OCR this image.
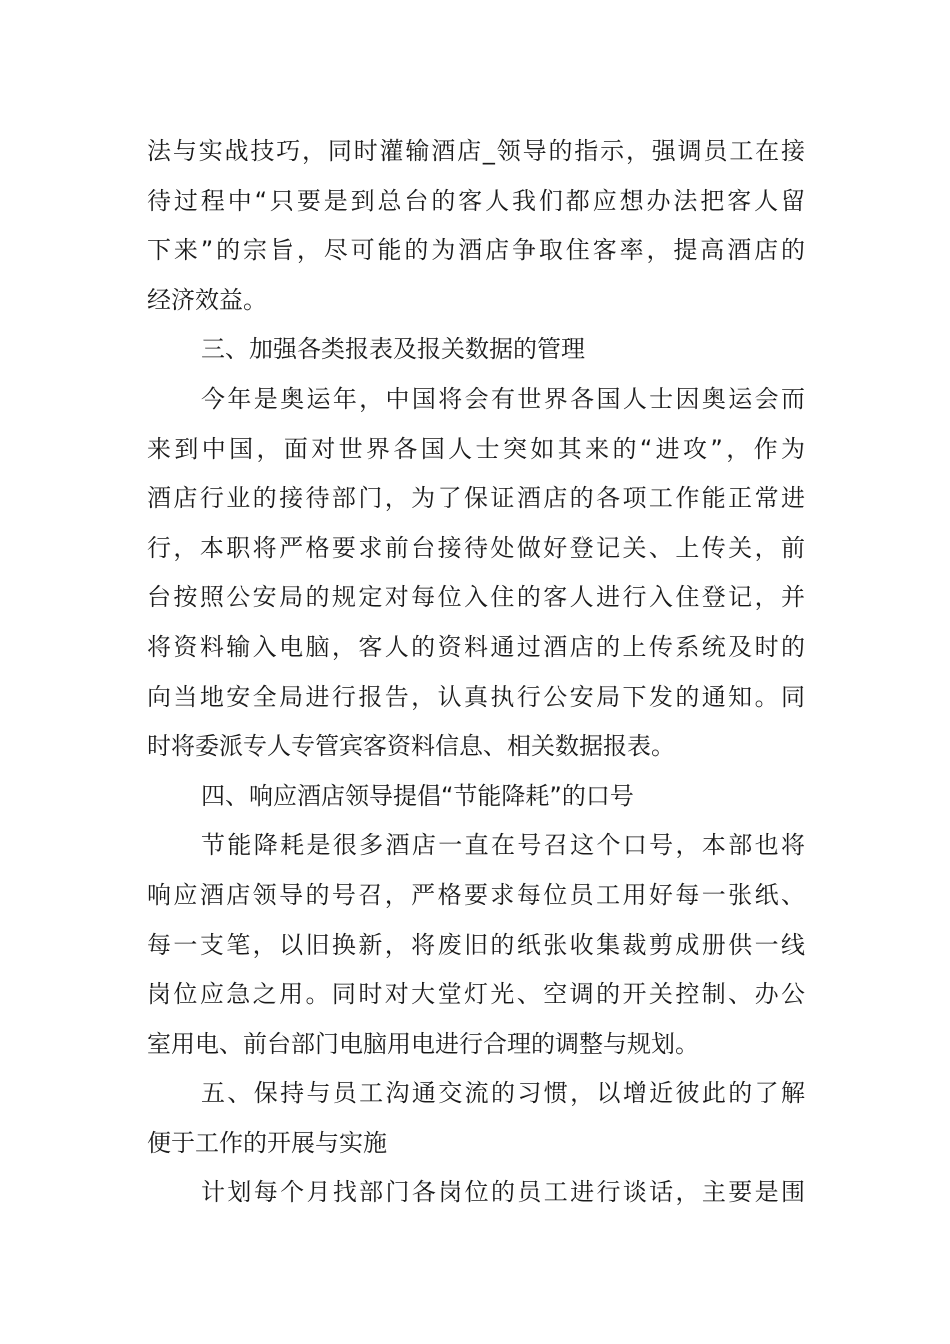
法与实战技巧，同时灌输酒店_领导的指示，强调员工在接
待过程中“只要是到总台的客人我们都应想办法把客人留
下来”的宗旨，尽可能的为酒店争取住客率，提高酒店的
经济效益。
三、加强各类报表及报关数据的管理
今年是奥运年，中国将会有世界各国人士因奥运会而
来到中国，面对世界各国人士突如其来的“进攻”，作为
酒店行业的接待部门，为了保证酒店的各项工作能正常进
行，本职将严格要求前台接待处做好登记关、上传关，前
台按照公安局的规定对每位入住的客人进行入住登记，并
将资料输入电脑，客人的资料通过酒店的上传系统及时的
向当地安全局进行报告，认真执行公安局下发的通知。同
时将委派专人专管宾客资料信息、相关数据报表。
四、响应酒店领导提倡“节能降耗”的口号
节能降耗是很多酒店一直在号召这个口号，本部也将
响应酒店领导的号召，严格要求每位员工用好每一张纸、
每一支笔，以旧换新，将废旧的纸张收集裁剪成册供一线
岗位应急之用。同时对大堂灯光、空调的开关控制、办公
室用电、前台部门电脑用电进行合理的调整与规划。
五、保持与员工沟通交流的习惯，以增近彼此的了解
便于工作的开展与实施
计划每个月找部门各岗位的员工进行谈话，主要是围
